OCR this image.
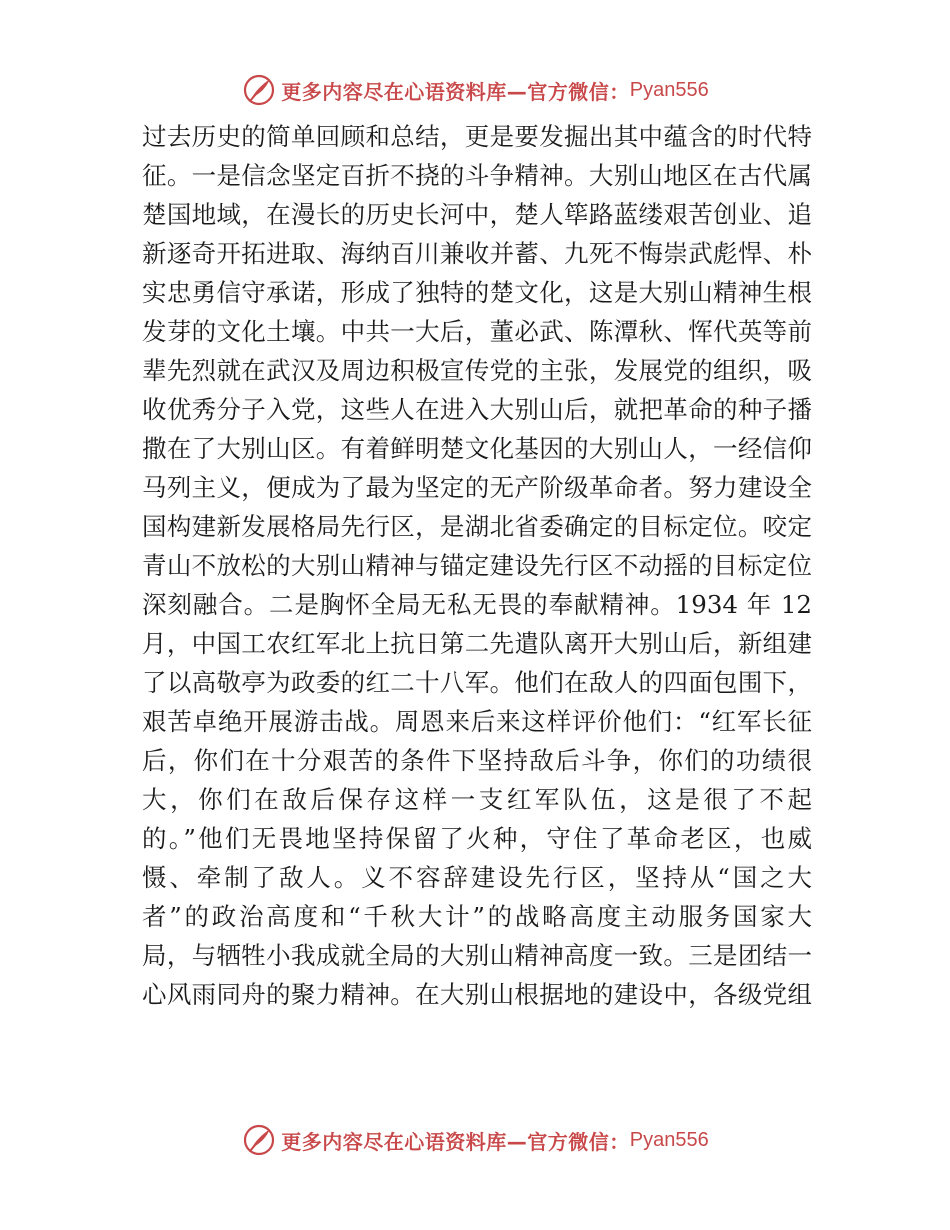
更多内容尽在心语资料库—官方微信： Pyan556
过去历史的简单回顾和总结，更是要发掘出其中蕴含的时代特
征。一是信念坚定百折不挠的斗争精神。大别山地区在古代属
楚国地域，在漫长的历史长河中，楚人筚路蓝缕艰苦创业、追
新逐奇开拓进取、海纳百川兼收并蓄、九死不悔崇武彪悍、朴
实忠勇信守承诺，形成了独特的楚文化，这是大别山精神生根
发芽的文化土壤。中共一大后，董必武、陈潭秋、恽代英等前
辈先烈就在武汉及周边积极宣传党的主张，发展党的组织，吸
收优秀分子入党，这些人在进入大别山后，就把革命的种子播
撒在了大别山区。有着鲜明楚文化基因的大别山人，一经信仰
马列主义，便成为了最为坚定的无产阶级革命者。努力建设全
国构建新发展格局先行区，是湖北省委确定的目标定位。咬定
青山不放松的大别山精神与锚定建设先行区不动摇的目标定位
深刻融合。二是胸怀全局无私无畏的奉献精神。1934 年 12
月，中国工农红军北上抗日第二先遣队离开大别山后，新组建
了以高敬亭为政委的红二十八军。他们在敌人的四面包围下，
艰苦卓绝开展游击战。周恩来后来这样评价他们：“红军长征
后，你们在十分艰苦的条件下坚持敌后斗争，你们的功绩很
大，你们在敌后保存这样一支红军队伍，这是很了不起
的。”他们无畏地坚持保留了火种，守住了革命老区，也威
慑、牵制了敌人。义不容辞建设先行区，坚持从“国之大
者”的政治高度和“千秋大计”的战略高度主动服务国家大
局，与牺牲小我成就全局的大别山精神高度一致。三是团结一
心风雨同舟的聚力精神。在大别山根据地的建设中，各级党组
更多内容尽在心语资料库—官方微信： Pyan556
